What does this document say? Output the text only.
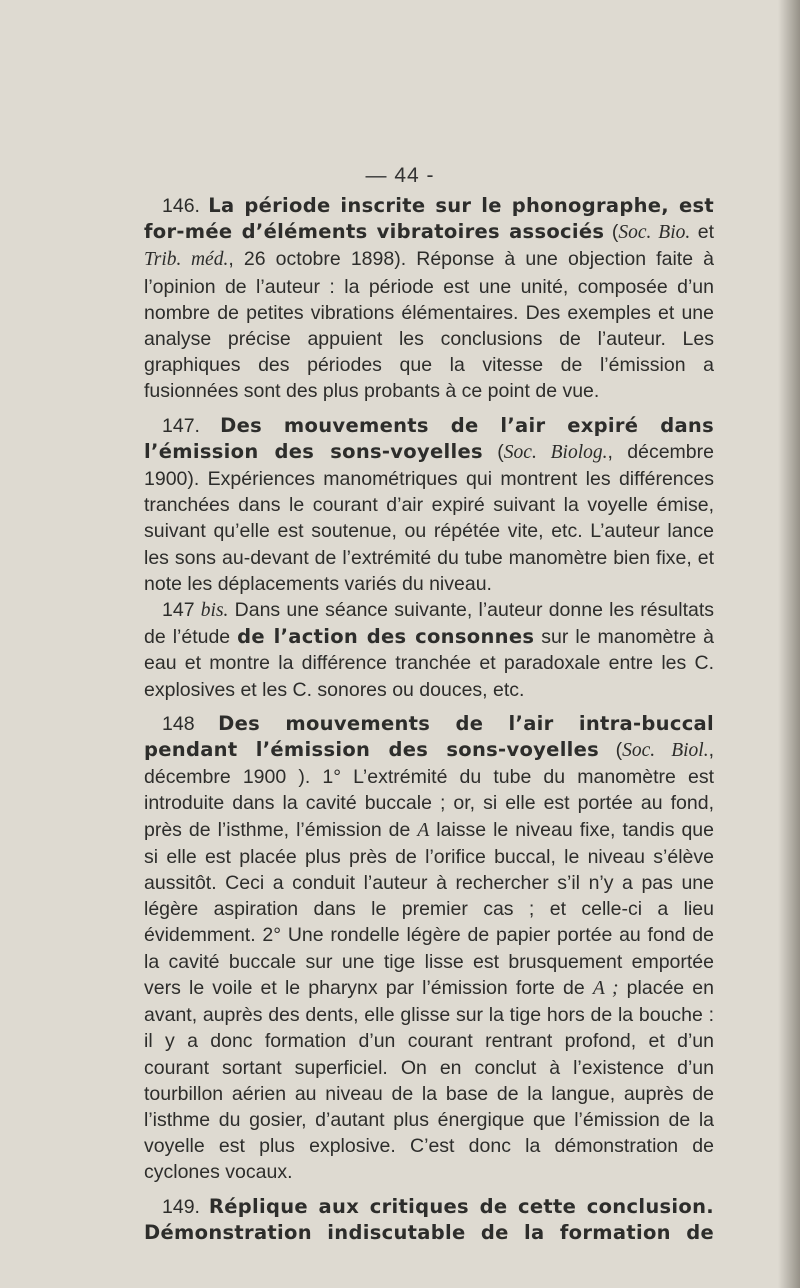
— 44 -

146. La période inscrite sur le phonographe, est for-mée d’éléments vibratoires associés (Soc. Bio. et Trib. méd., 26 octobre 1898). Réponse à une objection faite à l’opinion de l’auteur : la période est une unité, composée d’un nombre de petites vibrations élémentaires. Des exemples et une analyse précise appuient les conclusions de l’auteur. Les graphiques des périodes que la vitesse de l’émission a fusionnées sont des plus probants à ce point de vue.

147. Des mouvements de l’air expiré dans l’émission des sons-voyelles (Soc. Biolog., décembre 1900). Expériences manométriques qui montrent les différences tranchées dans le courant d’air expiré suivant la voyelle émise, suivant qu’elle est soutenue, ou répétée vite, etc. L’auteur lance les sons au-devant de l’extrémité du tube manomètre bien fixe, et note les déplacements variés du niveau.

147 bis. Dans une séance suivante, l’auteur donne les résultats de l’étude de l’action des consonnes sur le manomètre à eau et montre la différence tranchée et paradoxale entre les C. explosives et les C. sonores ou douces, etc.

148 Des mouvements de l’air intra-buccal pendant l’émission des sons-voyelles (Soc. Biol., décembre 1900 ). 1° L’extrémité du tube du manomètre est introduite dans la cavité buccale ; or, si elle est portée au fond, près de l’isthme, l’émission de A laisse le niveau fixe, tandis que si elle est placée plus près de l’orifice buccal, le niveau s’élève aussitôt. Ceci a conduit l’auteur à rechercher s’il n’y a pas une légère aspiration dans le premier cas ; et celle-ci a lieu évidemment. 2° Une rondelle légère de papier portée au fond de la cavité buccale sur une tige lisse est brusquement emportée vers le voile et le pharynx par l’émission forte de A ; placée en avant, auprès des dents, elle glisse sur la tige hors de la bouche : il y a donc formation d’un courant rentrant profond, et d’un courant sortant superficiel. On en conclut à l’existence d’un tourbillon aérien au niveau de la base de la langue, auprès de l’isthme du gosier, d’autant plus énergique que l’émission de la voyelle est plus explosive. C’est donc la démonstration de cyclones vocaux.

149. Réplique aux critiques de cette conclusion. Démonstration indiscutable de la formation de
